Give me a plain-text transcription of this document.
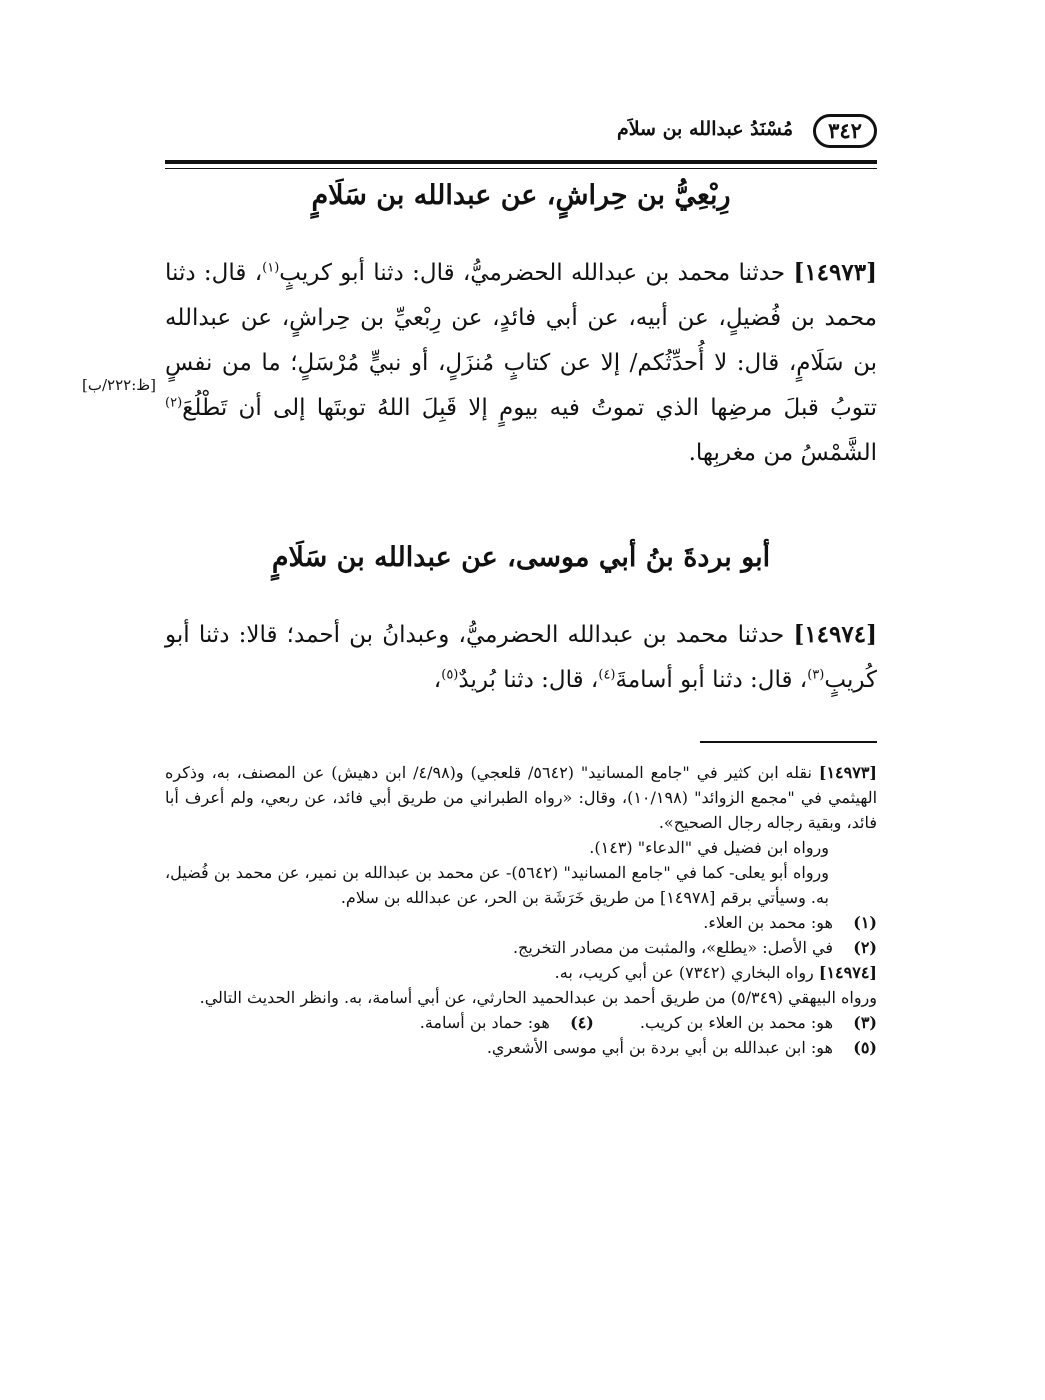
٣٤٢
مُسْنَدُ عبدالله بن سلاَم
رِبْعِيُّ بن حِراشٍ، عن عبدالله بن سَلَامٍ
[١٤٩٧٣] حدثنا محمد بن عبدالله الحضرميُّ، قال: دثنا أبو كريبٍ$^{(١)}$، قال: دثنا محمد بن فُضيلٍ، عن أبيه، عن أبي فائدٍ، عن رِبْعيِّ بن حِراشٍ، عن عبدالله بن سَلَامٍ، قال: لا أُحدِّثُكم/ إلا عن كتابٍ مُنزَلٍ، أو نبيٍّ مُرْسَلٍ؛ ما من نفسٍ تتوبُ قبلَ مرضِها الذي تموتُ فيه بيومٍ إلا قَبِلَ اللهُ توبتَها إلى أن تَطْلُعَ$^{(٢)}$ الشَّمْسُ من مغربِها.
[ظ:٢٢٢/ب]
أبو بردةَ بنُ أبي موسى، عن عبدالله بن سَلَامٍ
[١٤٩٧٤] حدثنا محمد بن عبدالله الحضرميُّ، وعبدانُ بن أحمد؛ قالا: دثنا أبو كُريبٍ$^{(٣)}$، قال: دثنا أبو أسامةَ$^{(٤)}$، قال: دثنا بُريدٌ$^{(٥)}$،

[١٤٩٧٣] نقله ابن كثير في "جامع المسانيد" (٥٦٤٢/ قلعجي) و(٤/٩٨/ ابن دهيش) عن المصنف، به، وذكره الهيثمي في "مجمع الزوائد" (١٠/١٩٨)، وقال: «رواه الطبراني من طريق أبي فائد، عن ربعي، ولم أعرف أبا فائد، وبقية رجاله رجال الصحيح».

ورواه ابن فضيل في "الدعاء" (١٤٣).

ورواه أبو يعلى- كما في "جامع المسانيد" (٥٦٤٢)- عن محمد بن عبدالله بن نمير، عن محمد بن فُضيل، به. وسيأتي برقم [١٤٩٧٨] من طريق خَرَشَة بن الحر، عن عبدالله بن سلام.

(١)هو: محمد بن العلاء.

(٢)في الأصل: «يطلع»، والمثبت من مصادر التخريج.

[١٤٩٧٤] رواه البخاري (٧٣٤٢) عن أبي كريب، به.

ورواه البيهقي (٥/٣٤٩) من طريق أحمد بن عبدالحميد الحارثي، عن أبي أسامة، به. وانظر الحديث التالي.

(٣)هو: محمد بن العلاء بن كريب.

(٤)هو: حماد بن أسامة.

(٥)هو: ابن عبدالله بن أبي بردة بن أبي موسى الأشعري.
